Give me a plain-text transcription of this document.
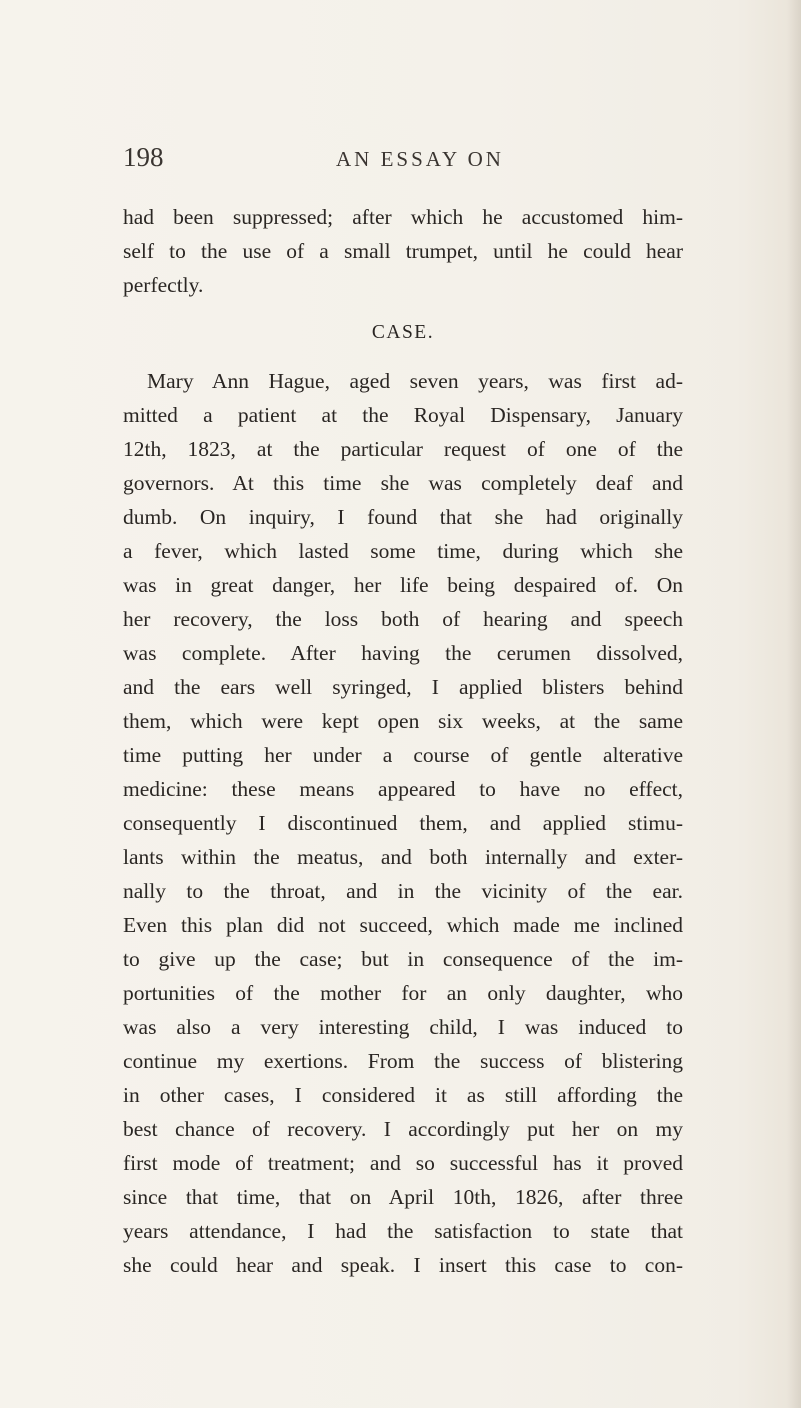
198	AN ESSAY ON
had been suppressed; after which he accustomed him-
self to the use of a small trumpet, until he could hear
perfectly.
CASE.
Mary Ann Hague, aged seven years, was first ad-
mitted a patient at the Royal Dispensary, January
12th, 1823, at the particular request of one of the
governors. At this time she was completely deaf and
dumb. On inquiry, I found that she had originally
a fever, which lasted some time, during which she
was in great danger, her life being despaired of. On
her recovery, the loss both of hearing and speech
was complete. After having the cerumen dissolved,
and the ears well syringed, I applied blisters behind
them, which were kept open six weeks, at the same
time putting her under a course of gentle alterative
medicine: these means appeared to have no effect,
consequently I discontinued them, and applied stimu-
lants within the meatus, and both internally and exter-
nally to the throat, and in the vicinity of the ear.
Even this plan did not succeed, which made me inclined
to give up the case; but in consequence of the im-
portunities of the mother for an only daughter, who
was also a very interesting child, I was induced to
continue my exertions. From the success of blistering
in other cases, I considered it as still affording the
best chance of recovery. I accordingly put her on my
first mode of treatment; and so successful has it proved
since that time, that on April 10th, 1826, after three
years attendance, I had the satisfaction to state that
she could hear and speak. I insert this case to con-
